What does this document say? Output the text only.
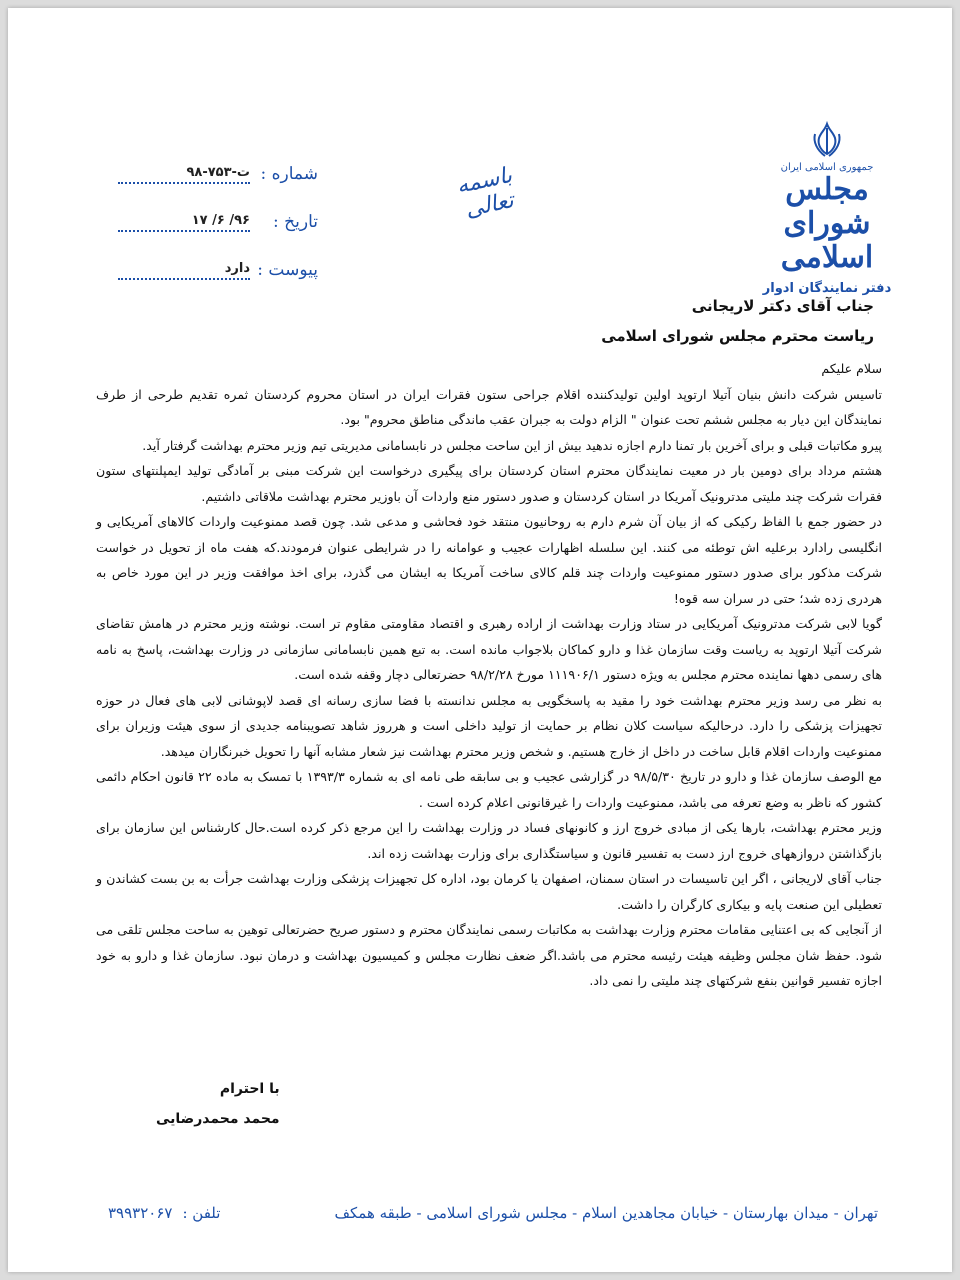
جمهوری اسلامی ایران
مجلس شورای اسلامی
دفتر نمایندگان ادوار
باسمه تعالی
شماره :
ت-۷۵۳-۹۸
تاریخ :
۹۶/ ۶/ ۱۷
پیوست :
دارد
جناب آقای دکتر لاریجانی
ریاست محترم مجلس شورای اسلامی

سلام علیکم

تاسیس شرکت دانش بنیان آتیلا ارتوپد اولین تولیدکننده اقلام جراحی ستون فقرات ایران در استان محروم کردستان ثمره تقدیم طرحی از طرف نمایندگان این دیار به مجلس ششم تحت عنوان " الزام دولت به جبران عقب ماندگی مناطق محروم" بود.

پیرو مکاتبات قبلی و برای آخرین بار تمنا دارم اجازه ندهید بیش از این ساحت مجلس در نابسامانی مدیریتی تیم وزیر محترم بهداشت گرفتار آید.

هشتم مرداد برای دومین بار در معیت نمایندگان محترم استان کردستان برای پیگیری درخواست این شرکت مبنی بر آمادگی تولید ایمپلنتهای ستون فقرات شرکت چند ملیتی مدترونیک آمریکا در استان کردستان و صدور دستور منع واردات آن باوزیر محترم بهداشت ملاقاتی داشتیم.

در حضور جمع با الفاظ رکیکی که از بیان آن شرم دارم به روحانیون منتقد خود فحاشی و مدعی شد. چون قصد ممنوعیت واردات کالاهای آمریکایی و انگلیسی رادارد برعلیه اش توطئه می کنند. این سلسله اظهارات عجیب و عوامانه را در شرایطی عنوان فرمودند.که هفت ماه از تحویل در خواست شرکت مذکور برای صدور دستور ممنوعیت واردات چند قلم کالای ساخت آمریکا به ایشان می گذرد، برای اخذ موافقت وزیر در این مورد خاص به هردری زده شد؛ حتی در سران سه قوه!

گویا لابی شرکت مدترونیک آمریکایی در ستاد وزارت بهداشت از اراده رهبری و اقتصاد مقاومتی مقاوم تر است. نوشته وزیر محترم در هامش تقاضای شرکت آتیلا ارتوپد به ریاست وقت سازمان غذا و دارو کماکان بلاجواب مانده است. به تبع همین نابسامانی سازمانی در وزارت بهداشت، پاسخ به نامه های رسمی دهها نماینده محترم مجلس به ویژه دستور ۱۱۱۹۰۶/۱ مورخ ۹۸/۲/۲۸ حضرتعالی دچار وقفه شده است.

به نظر می رسد وزیر محترم بهداشت خود را مقید به پاسخگویی به مجلس ندانسته با فضا سازی رسانه ای قصد لاپوشانی لابی های فعال در حوزه تجهیزات پزشکی را دارد. درحالیکه سیاست کلان نظام بر حمایت از تولید داخلی است و هرروز شاهد تصویبنامه جدیدی از سوی هیئت وزیران برای ممنوعیت واردات اقلام قابل ساخت در داخل از خارج هستیم. و شخص وزیر محترم بهداشت نیز شعار مشابه آنها را تحویل خبرنگاران میدهد.

مع الوصف سازمان غذا و دارو در تاریخ ۹۸/۵/۳۰ در گزارشی عجیب و بی سابقه طی نامه ای به شماره ۱۳۹۳/۳ با تمسک به ماده ۲۲ قانون احکام دائمی کشور که ناظر به وضع تعرفه می باشد، ممنوعیت واردات را غیرقانونی اعلام کرده است .

وزیر محترم بهداشت، بارها یکی از مبادی خروج ارز و کانونهای فساد در وزارت بهداشت را این مرجع ذکر کرده است.حال کارشناس این سازمان برای بازگذاشتن دروازههای خروج ارز دست به تفسیر قانون و سیاستگذاری برای وزارت بهداشت زده اند.

جناب آقای لاریجانی ، اگر این تاسیسات در استان سمنان، اصفهان یا کرمان بود، اداره کل تجهیزات پزشکی وزارت بهداشت جرأت به بن بست کشاندن و تعطیلی این صنعت پایه و بیکاری کارگران را داشت.

از آنجایی که بی اعتنایی مقامات محترم وزارت بهداشت به مکاتبات رسمی نمایندگان محترم و دستور صریح حضرتعالی توهین به ساحت مجلس تلقی می شود. حفظ شان مجلس وظیفه هیئت رئیسه محترم می باشد.اگر ضعف نظارت مجلس و کمیسیون بهداشت و درمان نبود. سازمان غذا و دارو به خود اجازه تفسیر قوانین بنفع شرکتهای چند ملیتی را نمی داد.

با احترام
محمد محمدرضایی
تلفن :
۳۹۹۳۲۰۶۷	تهران - میدان بهارستان - خیابان مجاهدین اسلام - مجلس شورای اسلامی - طبقه همکف
